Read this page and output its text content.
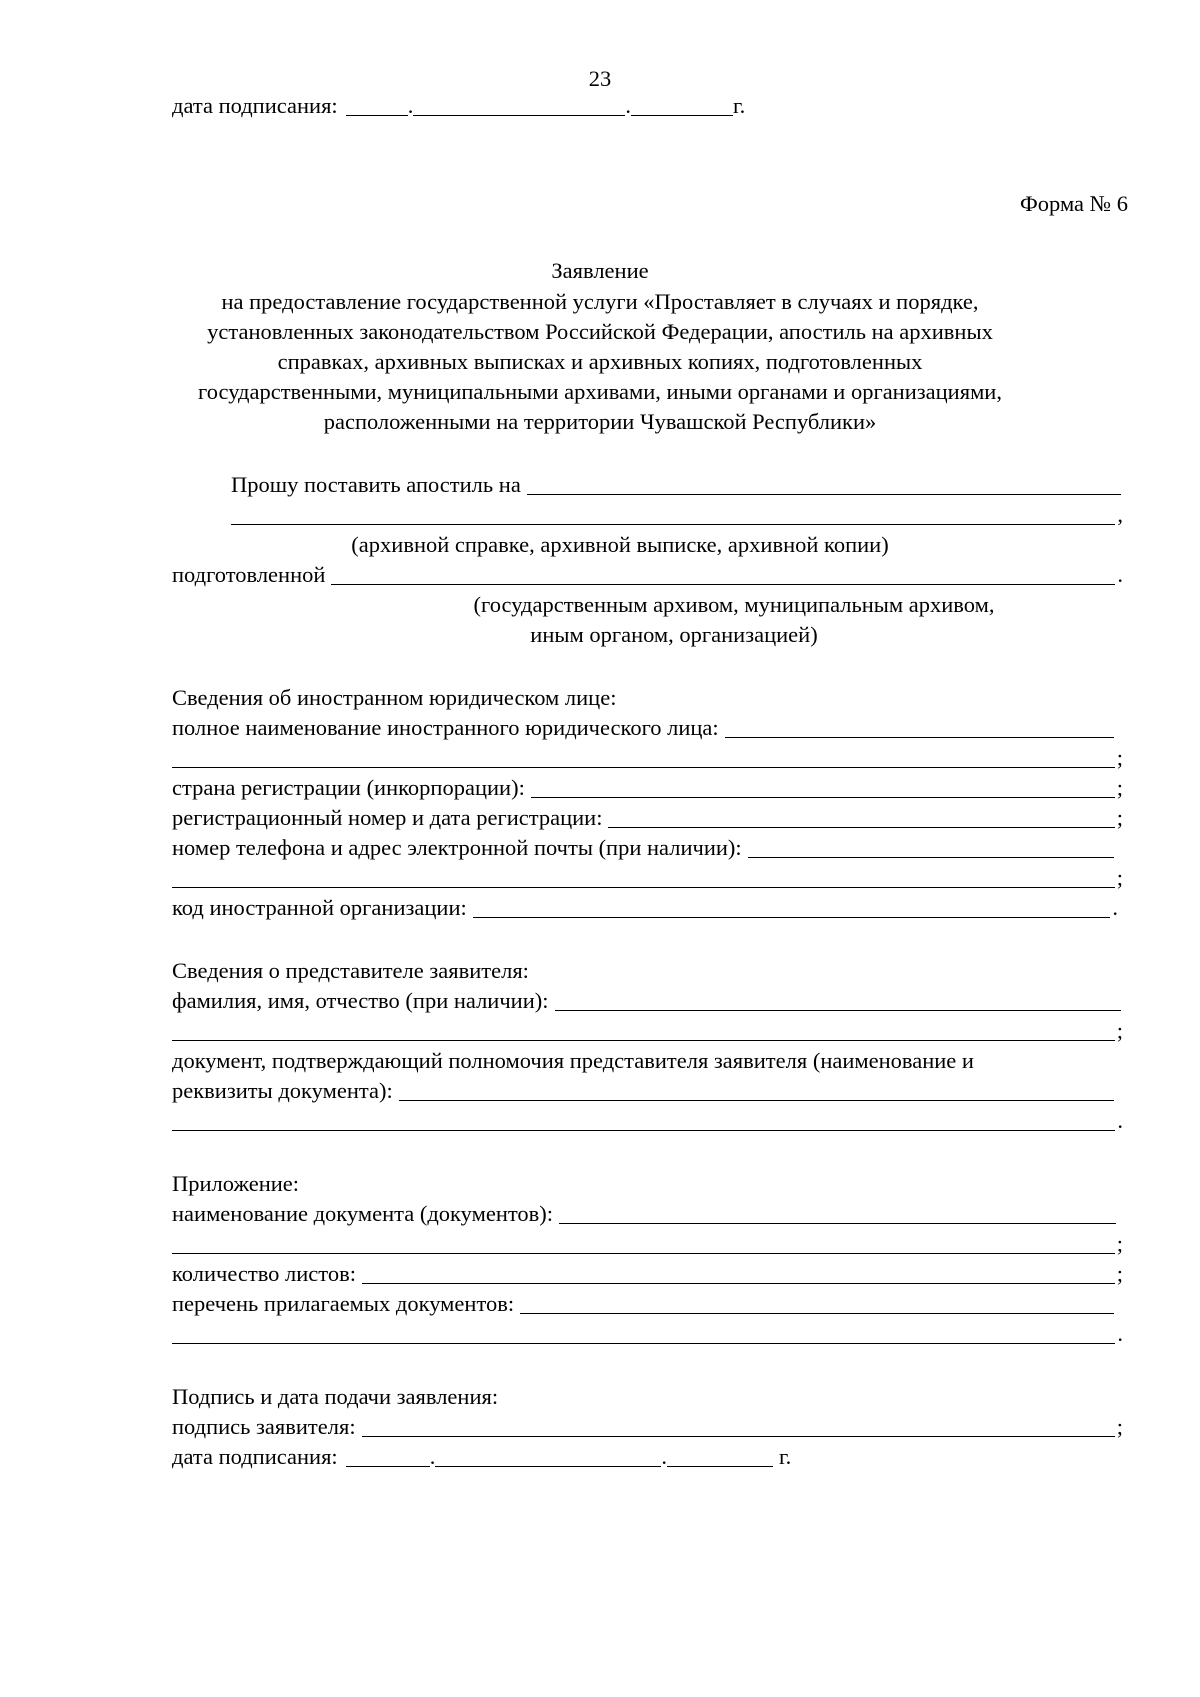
23
дата подписания:	.	.	г.
Форма № 6
Заявление
на предоставление государственной услуги «Проставляет в случаях и порядке,
установленных законодательством Российской Федерации, апостиль на архивных
справках, архивных выписках и архивных копиях, подготовленных
государственными, муниципальными архивами, иными органами и организациями,
расположенными на территории Чувашской Республики»
Прошу поставить апостиль на
,
(архивной справке, архивной выписке, архивной копии)
подготовленной	.
(государственным архивом, муниципальным архивом,
иным органом, организацией)
Сведения об иностранном юридическом лице:
полное наименование иностранного юридического лица:
;
страна регистрации (инкорпорации):	;
регистрационный номер и дата регистрации:	;
номер телефона и адрес электронной почты (при наличии):
;
код иностранной организации:	.
Сведения о представителе заявителя:
фамилия, имя, отчество (при наличии):
;
документ, подтверждающий полномочия представителя заявителя (наименование и
реквизиты документа):
.
Приложение:
наименование документа (документов):
;
количество листов:	;
перечень прилагаемых документов:
.
Подпись и дата подачи заявления:
подпись заявителя:	;
дата подписания:	.	.	г.
